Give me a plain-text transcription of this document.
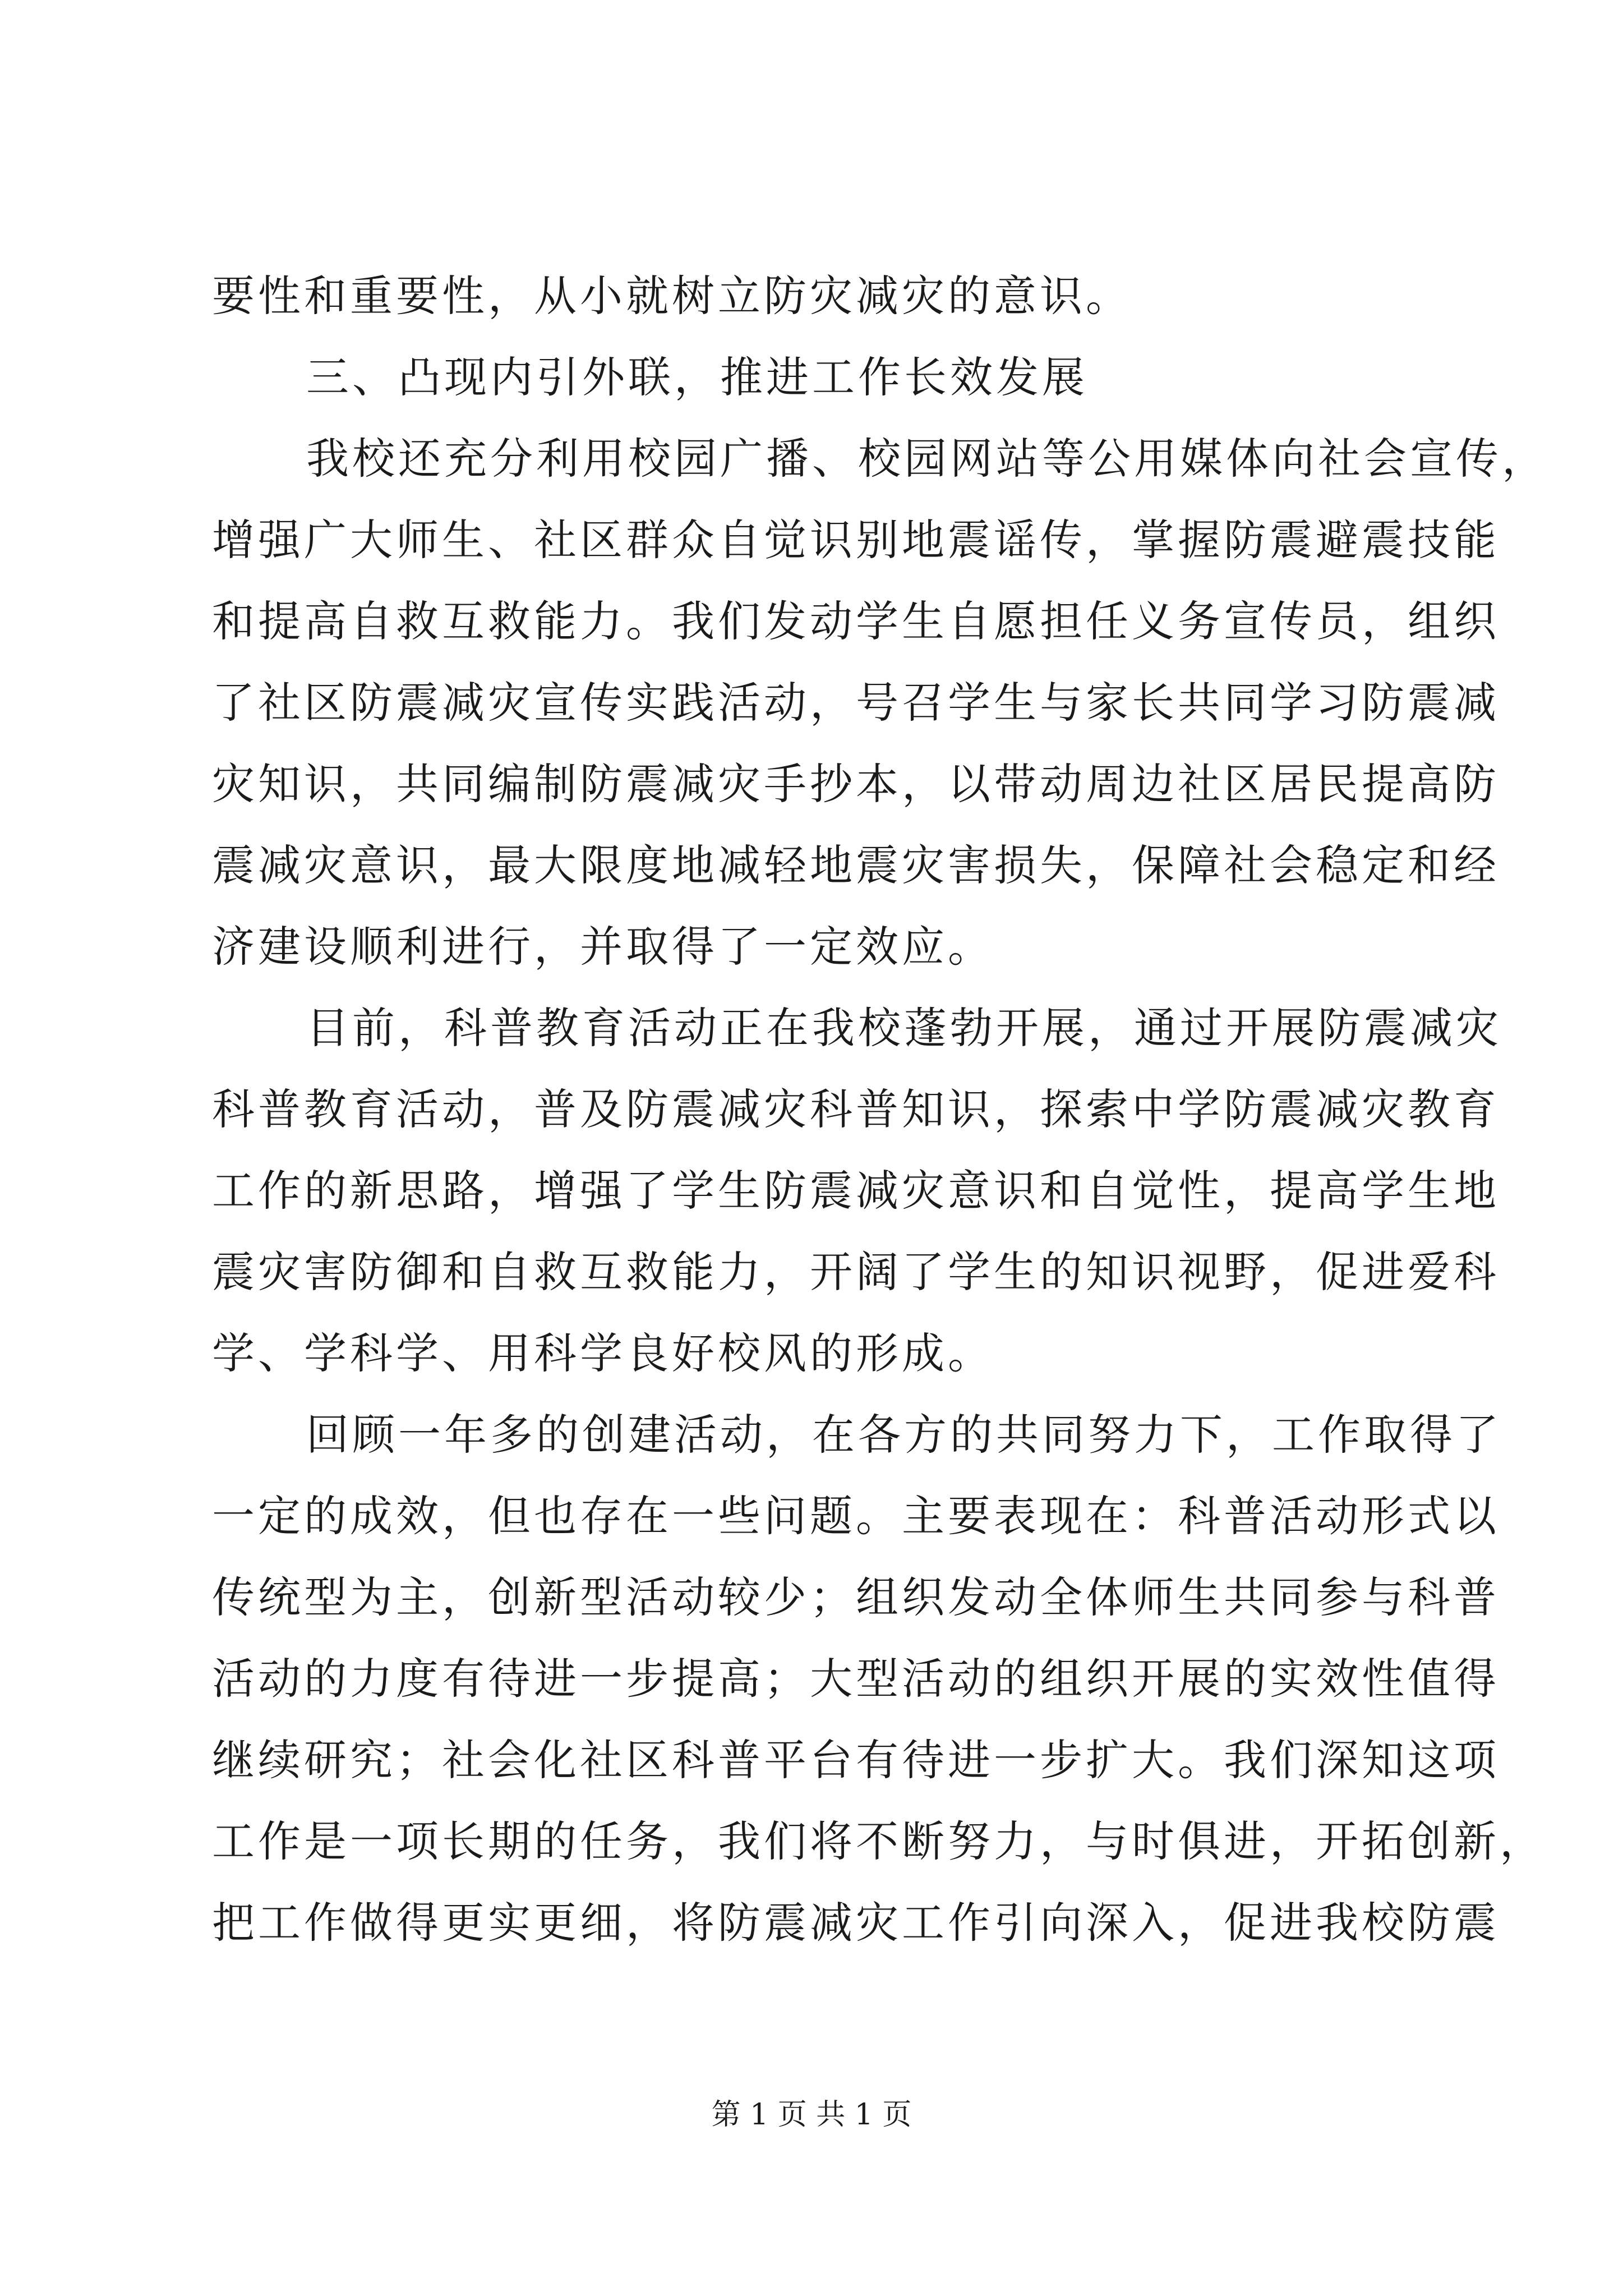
要性和重要性，从小就树立防灾减灾的意识。
三、凸现内引外联，推进工作长效发展
我校还充分利用校园广播、校园网站等公用媒体向社会宣传，
增强广大师生、社区群众自觉识别地震谣传，掌握防震避震技能
和提高自救互救能力。我们发动学生自愿担任义务宣传员，组织
了社区防震减灾宣传实践活动，号召学生与家长共同学习防震减
灾知识，共同编制防震减灾手抄本，以带动周边社区居民提高防
震减灾意识，最大限度地减轻地震灾害损失，保障社会稳定和经
济建设顺利进行，并取得了一定效应。
目前，科普教育活动正在我校蓬勃开展，通过开展防震减灾
科普教育活动，普及防震减灾科普知识，探索中学防震减灾教育
工作的新思路，增强了学生防震减灾意识和自觉性，提高学生地
震灾害防御和自救互救能力，开阔了学生的知识视野，促进爱科
学、学科学、用科学良好校风的形成。
回顾一年多的创建活动，在各方的共同努力下，工作取得了
一定的成效，但也存在一些问题。主要表现在：科普活动形式以
传统型为主，创新型活动较少；组织发动全体师生共同参与科普
活动的力度有待进一步提高；大型活动的组织开展的实效性值得
继续研究；社会化社区科普平台有待进一步扩大。我们深知这项
工作是一项长期的任务，我们将不断努力，与时俱进，开拓创新，
把工作做得更实更细，将防震减灾工作引向深入，促进我校防震
第 1 页 共 1 页
